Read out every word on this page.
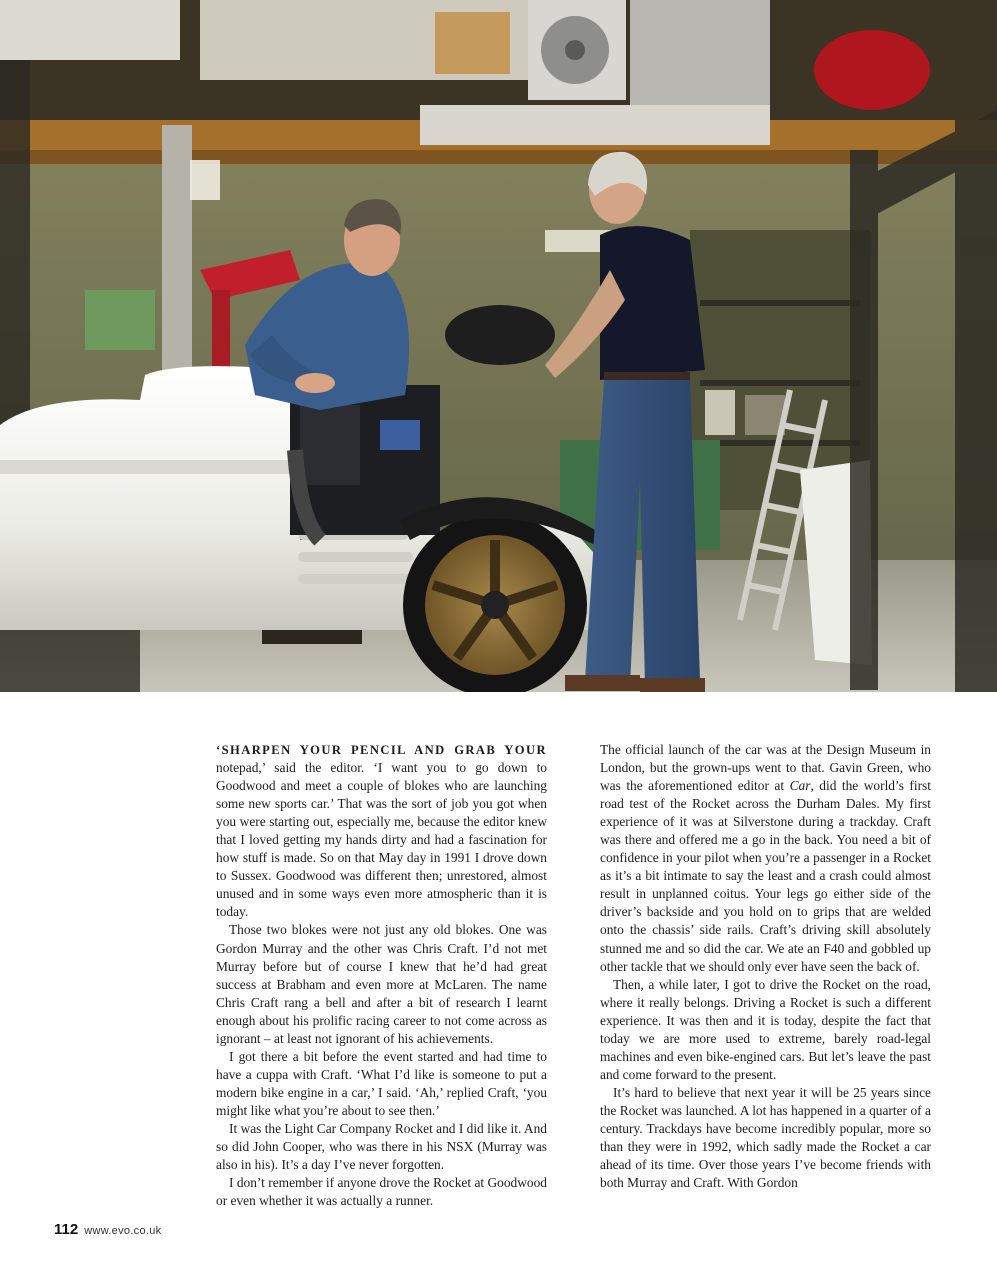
‘SHARPEN YOUR PENCIL AND GRAB YOUR notepad,’ said the editor. ‘I want you to go down to Goodwood and meet a couple of blokes who are launching some new sports car.’ That was the sort of job you got when you were starting out, especially me, because the editor knew that I loved getting my hands dirty and had a fascination for how stuff is made. So on that May day in 1991 I drove down to Sussex. Goodwood was different then; unrestored, almost unused and in some ways even more atmospheric than it is today.

Those two blokes were not just any old blokes. One was Gordon Murray and the other was Chris Craft. I’d not met Murray before but of course I knew that he’d had great success at Brabham and even more at McLaren. The name Chris Craft rang a bell and after a bit of research I learnt enough about his prolific racing career to not come across as ignorant – at least not ignorant of his achievements.

I got there a bit before the event started and had time to have a cuppa with Craft. ‘What I’d like is someone to put a modern bike engine in a car,’ I said. ‘Ah,’ replied Craft, ‘you might like what you’re about to see then.’

It was the Light Car Company Rocket and I did like it. And so did John Cooper, who was there in his NSX (Murray was also in his). It’s a day I’ve never forgotten.

I don’t remember if anyone drove the Rocket at Goodwood or even whether it was actually a runner.

The official launch of the car was at the Design Museum in London, but the grown-ups went to that. Gavin Green, who was the aforementioned editor at Car, did the world’s first road test of the Rocket across the Durham Dales. My first experience of it was at Silverstone during a trackday. Craft was there and offered me a go in the back. You need a bit of confidence in your pilot when you’re a passenger in a Rocket as it’s a bit intimate to say the least and a crash could almost result in unplanned coitus. Your legs go either side of the driver’s backside and you hold on to grips that are welded onto the chassis’ side rails. Craft’s driving skill absolutely stunned me and so did the car. We ate an F40 and gobbled up other tackle that we should only ever have seen the back of.

Then, a while later, I got to drive the Rocket on the road, where it really belongs. Driving a Rocket is such a different experience. It was then and it is today, despite the fact that today we are more used to extreme, barely road-legal machines and even bike-engined cars. But let’s leave the past and come forward to the present.

It’s hard to believe that next year it will be 25 years since the Rocket was launched. A lot has happened in a quarter of a century. Trackdays have become incredibly popular, more so than they were in 1992, which sadly made the Rocket a car ahead of its time. Over those years I’ve become friends with both Murray and Craft. With Gordon

112 www.evo.co.uk
